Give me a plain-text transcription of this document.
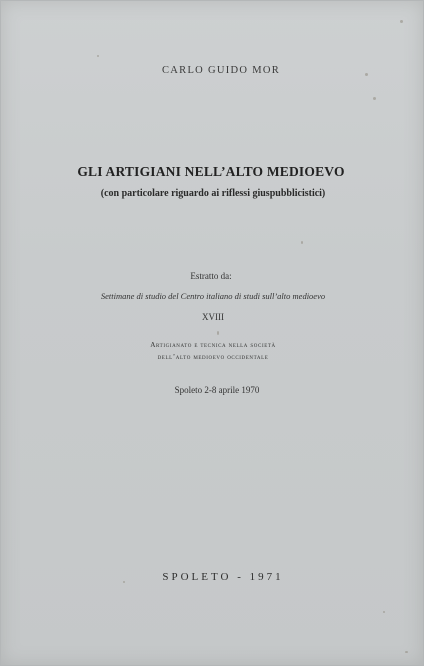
CARLO GUIDO MOR
GLI ARTIGIANI NELL’ALTO MEDIOEVO
(con particolare riguardo ai riflessi giuspubblicistici)
Estratto da:
Settimane di studio del Centro italiano di studi sull’alto medioevo
XVIII
Artigianato e tecnica nella società
dell’alto medioevo occidentale
Spoleto 2-8 aprile 1970
SPOLETO - 1971
